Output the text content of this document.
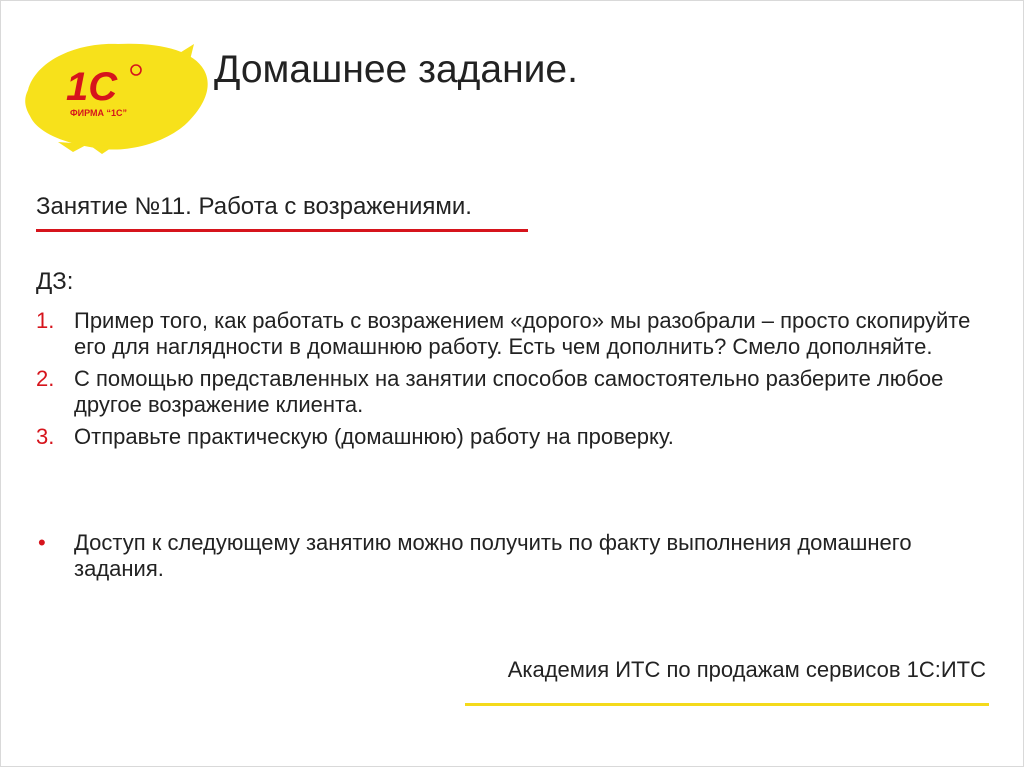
1С
ФИРМА “1С”
Домашнее задание.
Занятие №11. Работа с возражениями.
ДЗ:
1. Пример того, как работать с возражением «дорого» мы разобрали – просто скопируйте его для наглядности в домашнюю работу. Есть чем дополнить? Смело дополняйте.
2. С помощью представленных на занятии способов самостоятельно разберите любое другое возражение клиента.
3. Отправьте практическую (домашнюю) работу на проверку.
• Доступ к следующему занятию можно получить по факту выполнения домашнего задания.
Академия ИТС по продажам сервисов 1С:ИТС
